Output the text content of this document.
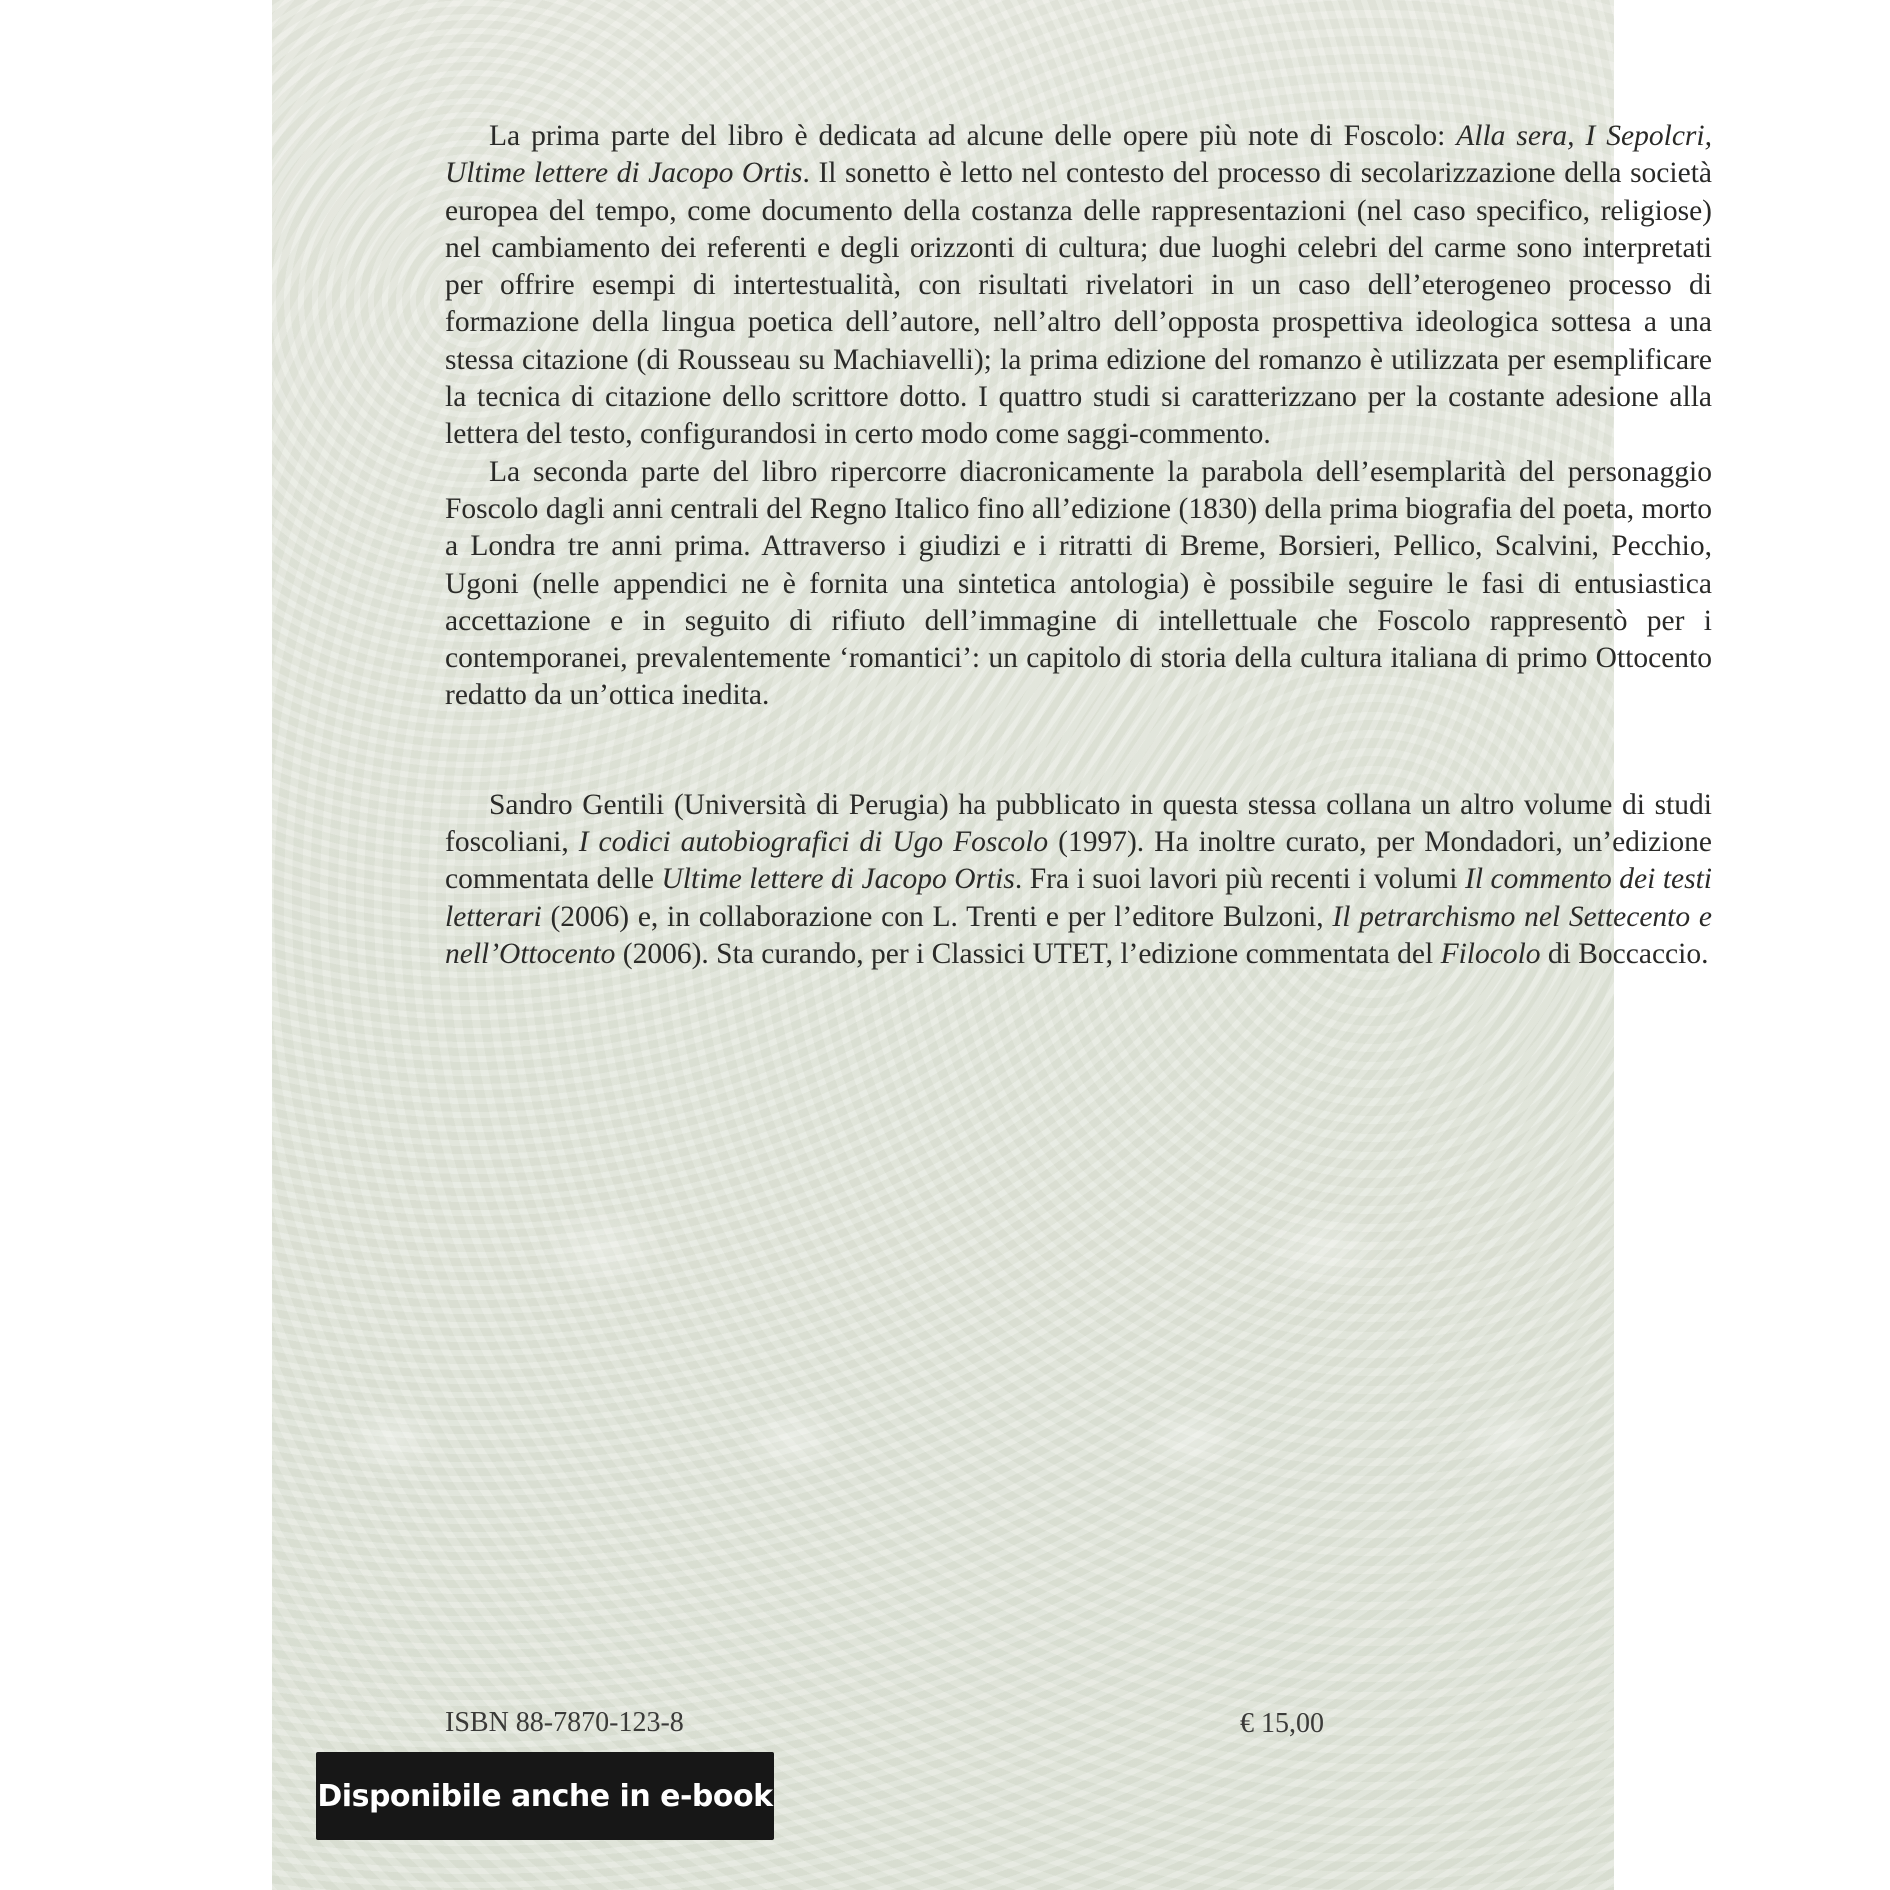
La prima parte del libro è dedicata ad alcune delle opere più note di Foscolo: Alla sera, I Sepolcri, Ultime lettere di Jacopo Ortis. Il sonetto è letto nel contesto del processo di secolarizzazione della società europea del tempo, come documento della costanza delle rappresentazioni (nel caso specifico, religiose) nel cambiamento dei referenti e degli orizzonti di cultura; due luoghi celebri del carme sono interpretati per offrire esempi di intertestualità, con risultati rivelatori in un caso dell’eterogeneo processo di formazione della lingua poetica dell’autore, nell’altro dell’opposta prospettiva ideologica sottesa a una stessa citazione (di Rousseau su Machiavelli); la prima edizione del romanzo è utilizzata per esemplificare la tecnica di citazione dello scrittore dotto. I quattro studi si caratterizzano per la costante adesione alla lettera del testo, configurandosi in certo modo come saggi-commento.

La seconda parte del libro ripercorre diacronicamente la parabola dell’esemplarità del personaggio Foscolo dagli anni centrali del Regno Italico fino all’edizione (1830) della prima biografia del poeta, morto a Londra tre anni prima. Attraverso i giudizi e i ritratti di Breme, Borsieri, Pellico, Scalvini, Pecchio, Ugoni (nelle appendici ne è fornita una sintetica antologia) è possibile seguire le fasi di entusiastica accettazione e in seguito di rifiuto dell’immagine di intellettuale che Foscolo rappresentò per i contemporanei, prevalentemente ‘romantici’: un capitolo di storia della cultura italiana di primo Ottocento redatto da un’ottica inedita.

Sandro Gentili (Università di Perugia) ha pubblicato in questa stessa collana un altro volume di studi foscoliani, I codici autobiografici di Ugo Foscolo (1997). Ha inoltre curato, per Mondadori, un’edizione commentata delle Ultime lettere di Jacopo Ortis. Fra i suoi lavori più recenti i volumi Il commento dei testi letterari (2006) e, in collaborazione con L. Trenti e per l’editore Bulzoni, Il petrarchismo nel Settecento e nell’Ottocento (2006). Sta curando, per i Classici UTET, l’edizione commentata del Filocolo di Boccaccio.

ISBN 88-7870-123-8	€ 15,00
Disponibile anche in e-book
